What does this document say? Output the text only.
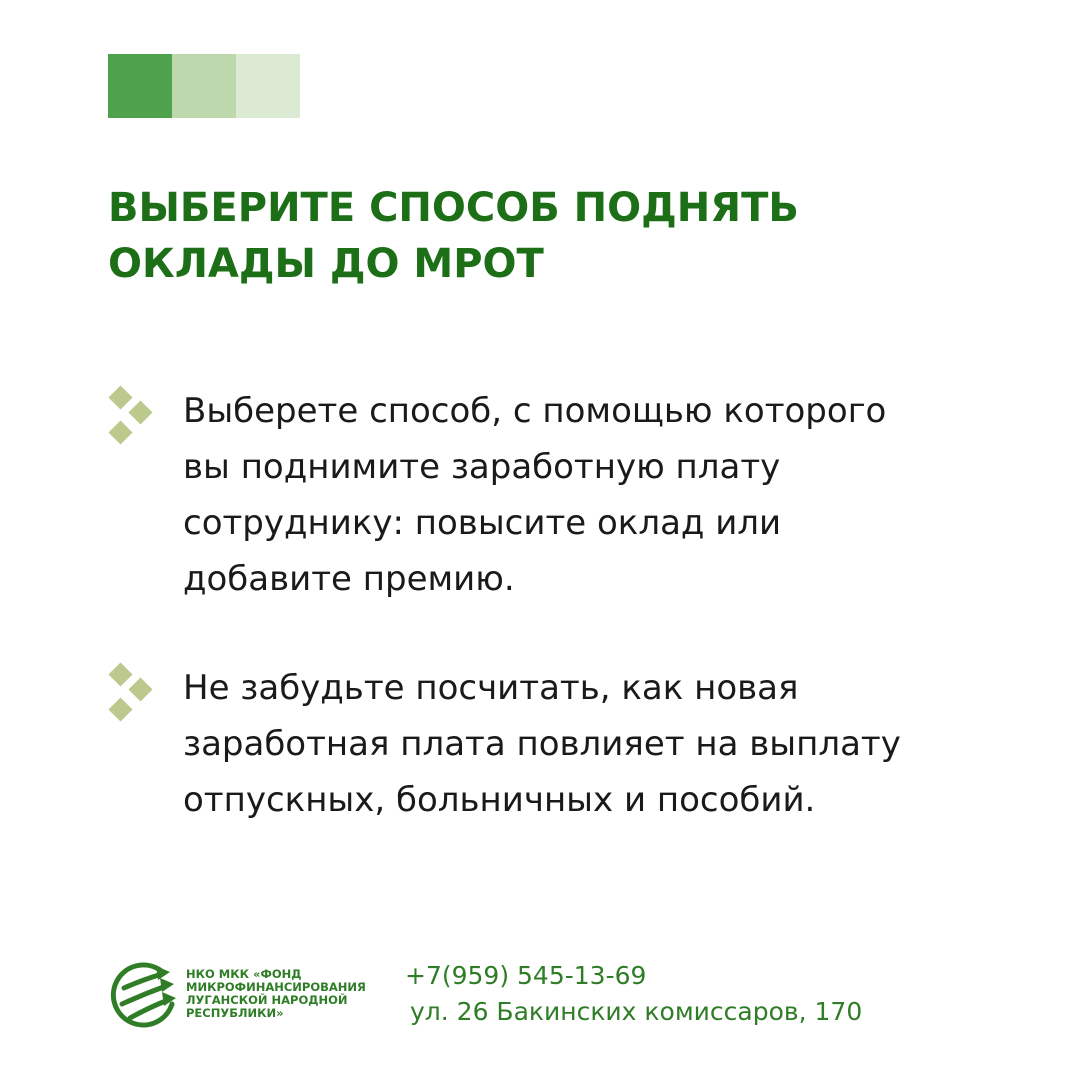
ВЫБЕРИТЕ СПОСОБ ПОДНЯТЬ
ОКЛАДЫ ДО МРОТ
Выберете способ, с помощью которого
вы поднимите заработную плату
сотруднику: повысите оклад или
добавите премию.
Не забудьте посчитать, как новая
заработная плата повлияет на выплату
отпускных, больничных и пособий.
НКО МКК «ФОНД
МИКРОФИНАНСИРОВАНИЯ
ЛУГАНСКОЙ НАРОДНОЙ
РЕСПУБЛИКИ»
+7(959) 545-13-69
ул. 26 Бакинских комиссаров, 170
